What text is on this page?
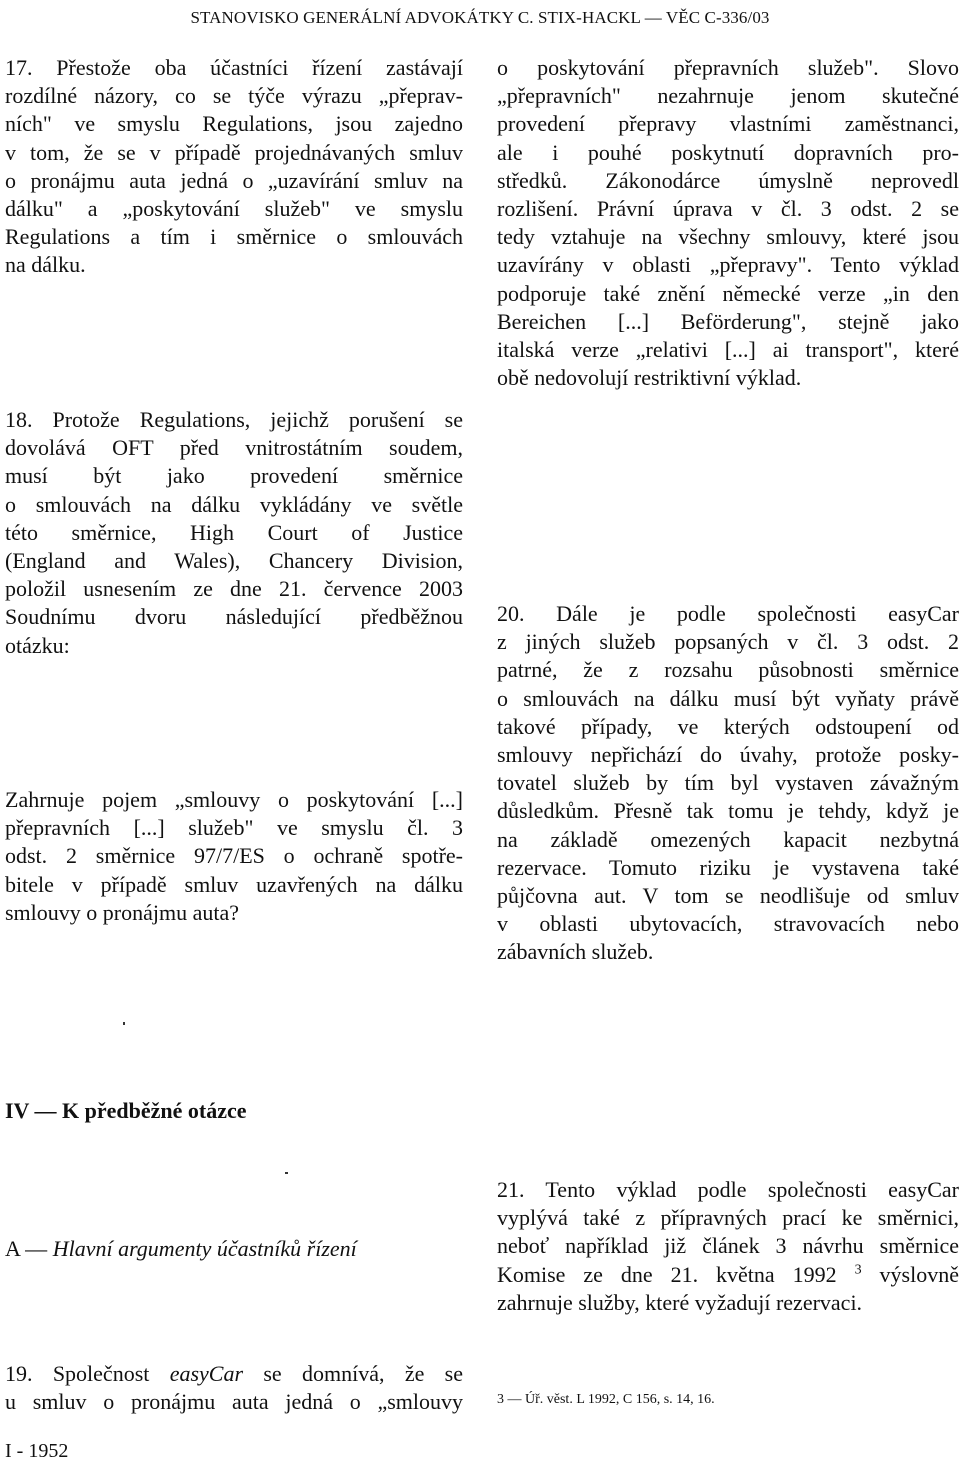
STANOVISKO GENERÁLNÍ ADVOKÁTKY C. STIX-HACKL — VĚC C-336/03
17. Přestože oba účastníci řízení zastávají
rozdílné názory, co se týče výrazu „přeprav-
ních" ve smyslu Regulations, jsou zajedno
v tom, že se v případě projednávaných smluv
o pronájmu auta jedná o „uzavírání smluv na
dálku" a „poskytování služeb" ve smyslu
Regulations a tím i směrnice o smlouvách
na dálku.
o poskytování přepravních služeb". Slovo
„přepravních" nezahrnuje jenom skutečné
provedení přepravy vlastními zaměstnanci,
ale i pouhé poskytnutí dopravních pro-
středků. Zákonodárce úmyslně neprovedl
rozlišení. Právní úprava v čl. 3 odst. 2 se
tedy vztahuje na všechny smlouvy, které jsou
uzavírány v oblasti „přepravy". Tento výklad
podporuje také znění německé verze „in den
Bereichen [...] Beförderung", stejně jako
italská verze „relativi [...] ai transport", které
obě nedovolují restriktivní výklad.
18. Protože Regulations, jejichž porušení se
dovolává OFT před vnitrostátním soudem,
musí být jako provedení směrnice
o smlouvách na dálku vykládány ve světle
této směrnice, High Court of Justice
(England and Wales), Chancery Division,
položil usnesením ze dne 21. července 2003
Soudnímu dvoru následující předběžnou
otázku:
Zahrnuje pojem „smlouvy o poskytování [...]
přepravních [...] služeb" ve smyslu čl. 3
odst. 2 směrnice 97/7/ES o ochraně spotře-
bitele v případě smluv uzavřených na dálku
smlouvy o pronájmu auta?
20. Dále je podle společnosti easyCar
z jiných služeb popsaných v čl. 3 odst. 2
patrné, že z rozsahu působnosti směrnice
o smlouvách na dálku musí být vyňaty právě
takové případy, ve kterých odstoupení od
smlouvy nepřichází do úvahy, protože posky-
tovatel služeb by tím byl vystaven závažným
důsledkům. Přesně tak tomu je tehdy, když je
na základě omezených kapacit nezbytná
rezervace. Tomuto riziku je vystavena také
půjčovna aut. V tom se neodlišuje od smluv
v oblasti ubytovacích, stravovacích nebo
zábavních služeb.
IV — K předběžné otázce
A — Hlavní argumenty účastníků řízení
21. Tento výklad podle společnosti easyCar
vyplývá také z přípravných prací ke směrnici,
neboť například již článek 3 návrhu směrnice
Komise ze dne 21. května 1992 $^3$ výslovně
zahrnuje služby, které vyžadují rezervaci.
19. Společnost easyCar se domnívá, že se
u smluv o pronájmu auta jedná o „smlouvy 3 — Úř. věst. L 1992, C 156, s. 14, 16.
I - 1952
